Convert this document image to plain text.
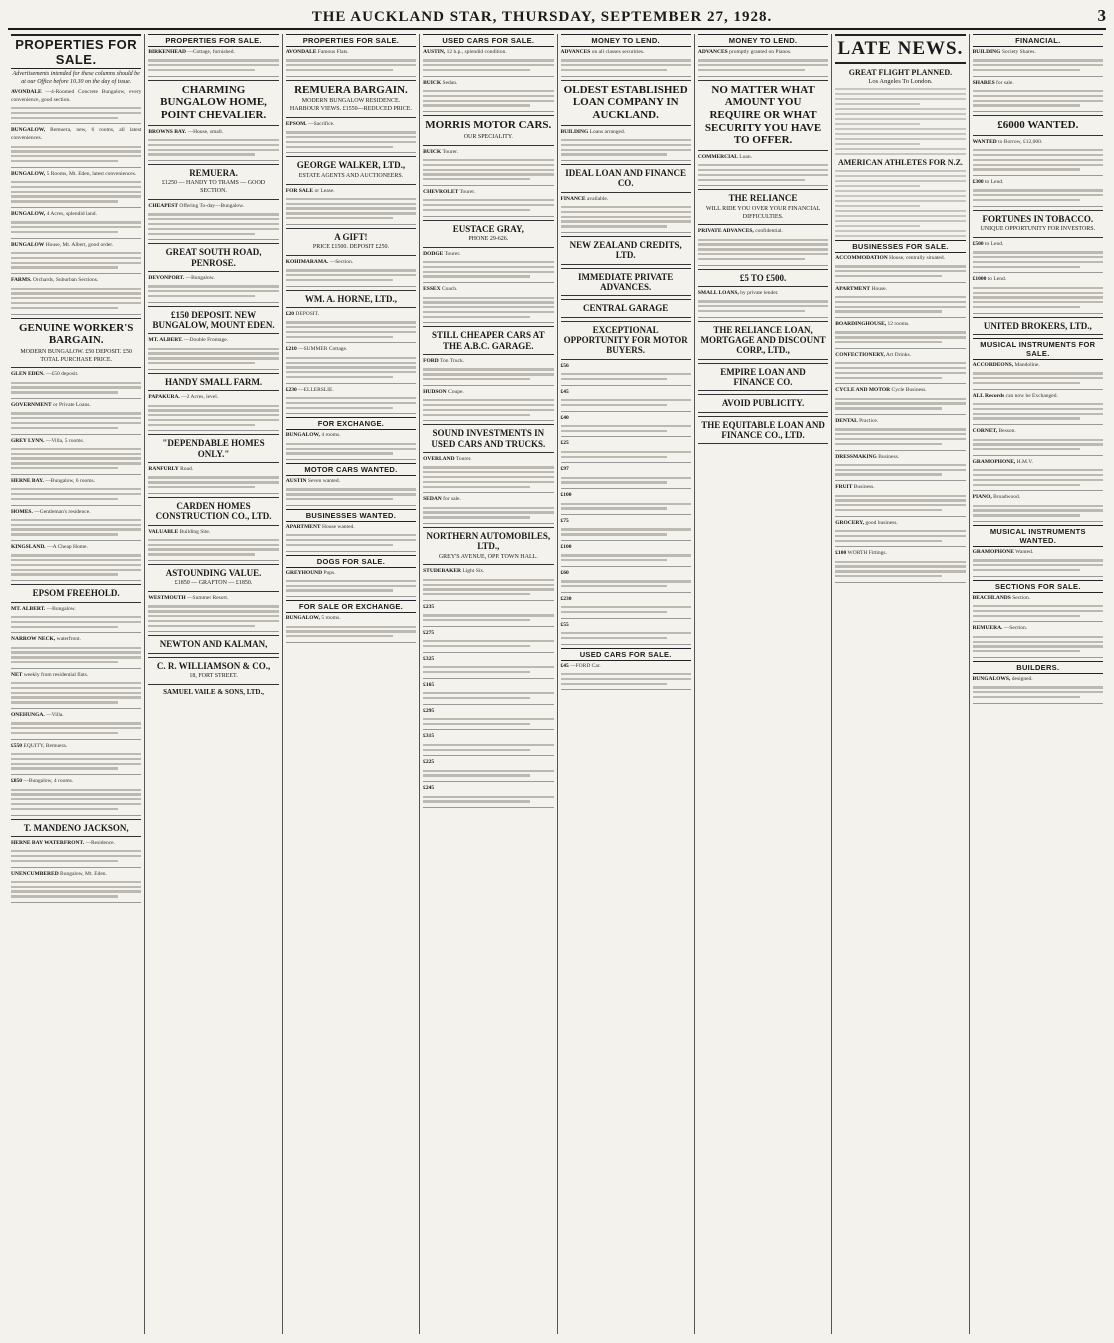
THE AUCKLAND STAR, THURSDAY, SEPTEMBER 27, 1928.	3
PROPERTIES FOR SALE.
Advertisements intended for these columns should be at our Office before 10.30 on the day of issue.
AVONDALE —4-Roomed Concrete Bungalow, every convenience, good section.
BUNGALOW, Remuera, new, 6 rooms, all latest conveniences.
BUNGALOW, 5 Rooms, Mt. Eden, latest conveniences.
BUNGALOW, 4 Acres, splendid land.
BUNGALOW House, Mt. Albert, good order.
FARMS. Orchards, Suburban Sections.
GENUINE WORKER'S BARGAIN.
MODERN BUNGALOW. £50 DEPOSIT. £50 TOTAL PURCHASE PRICE.
GLEN EDEN. —£50 deposit.
GOVERNMENT or Private Loans.
GREY LYNN. —Villa, 5 rooms.
HERNE BAY. —Bungalow, 6 rooms.
HOMES. —Gentleman's residence.
KINGSLAND. —A Cheap Home.
EPSOM FREEHOLD.
MT. ALBERT. —Bungalow.
NARROW NECK, waterfront.
NET weekly from residential flats.
ONEHUNGA. —Villa.
£550 EQUITY, Remuera.
£850 —Bungalow, 4 rooms.
T. MANDENO JACKSON,
HERNE BAY WATERFRONT. —Residence.
UNENCUMBERED Bungalow, Mt. Eden.
PROPERTIES FOR SALE.
BIRKENHEAD —Cottage, furnished.
CHARMING BUNGALOW HOME, POINT CHEVALIER.
BROWNS BAY. —House, small.
REMUERA.
£1250 — HANDY TO TRAMS — GOOD SECTION.
CHEAPEST Offering To-day—Bungalow.
GREAT SOUTH ROAD, PENROSE.
DEVONPORT. —Bungalow.
£150 DEPOSIT. NEW BUNGALOW, MOUNT EDEN.
MT. ALBERT. —Double Frontage.
HANDY SMALL FARM.
PAPAKURA. —2 Acres, level.
"DEPENDABLE HOMES ONLY."
RANFURLY Road.
CARDEN HOMES CONSTRUCTION CO., LTD.
VALUABLE Building Site.
ASTOUNDING VALUE.
£1850 — GRAFTON — £1850.
WESTMOUTH —Summer Resort.
NEWTON AND KALMAN,
C. R. WILLIAMSON & CO.,
18, FORT STREET.
SAMUEL VAILE & SONS, LTD.,
PROPERTIES FOR SALE.
AVONDALE Famous Flats.
REMUERA BARGAIN.
MODERN BUNGALOW RESIDENCE. HARBOUR VIEWS. £1550—REDUCED PRICE.
EPSOM. —Sacrifice.
GEORGE WALKER, LTD.,
ESTATE AGENTS AND AUCTIONEERS.
FOR SALE or Lease.
A GIFT!
PRICE £1500. DEPOSIT £250.
KOHIMARAMA. —Section.
WM. A. HORNE, LTD.,
£20 DEPOSIT.
£210 —SUMMER Cottage.
£230 —ELLERSLIE.
FOR EXCHANGE.
BUNGALOW, 4 rooms.
MOTOR CARS WANTED.
AUSTIN Seven wanted.
BUSINESSES WANTED.
APARTMENT House wanted.
DOGS FOR SALE.
GREYHOUND Pups.
FOR SALE OR EXCHANGE.
BUNGALOW, 5 rooms.
USED CARS FOR SALE.
AUSTIN, 12 h.p., splendid condition.
BUICK Sedan.
MORRIS MOTOR CARS.
OUR SPECIALITY.
BUICK Tourer.
CHEVROLET Tourer.
EUSTACE GRAY,
PHONE 29-626.
DODGE Tourer.
ESSEX Coach.
STILL CHEAPER CARS AT THE A.B.C. GARAGE.
FORD Ton Truck.
HUDSON Coupe.
SOUND INVESTMENTS IN USED CARS AND TRUCKS.
OVERLAND Tourer.
SEDAN for sale.
NORTHERN AUTOMOBILES, LTD.,
GREY'S AVENUE, OPP. TOWN HALL.
STUDEBAKER Light Six.
£235
£275
£325
£165
£295
£315
£225
£245
MONEY TO LEND.
ADVANCES on all classes securities.
OLDEST ESTABLISHED LOAN COMPANY IN AUCKLAND.
BUILDING Loans arranged.
IDEAL LOAN AND FINANCE CO.
FINANCE available.
NEW ZEALAND CREDITS, LTD.
IMMEDIATE PRIVATE ADVANCES.
CENTRAL GARAGE
EXCEPTIONAL OPPORTUNITY FOR MOTOR BUYERS.
£56
£45
£40
£25
£97
£100
£75
£100
£60
£230
£55
USED CARS FOR SALE.
£45 —FORD Car.
MONEY TO LEND.
ADVANCES promptly granted on Pianos.
NO MATTER WHAT AMOUNT YOU REQUIRE OR WHAT SECURITY YOU HAVE TO OFFER.
COMMERCIAL Loan.
THE RELIANCE
WILL RIDE YOU OVER YOUR FINANCIAL DIFFICULTIES.
PRIVATE ADVANCES, confidential.
£5 TO £500.
SMALL LOANS, by private lender.
THE RELIANCE LOAN, MORTGAGE AND DISCOUNT CORP., LTD.,
EMPIRE LOAN AND FINANCE CO.
AVOID PUBLICITY.
THE EQUITABLE LOAN AND FINANCE CO., LTD.
LATE NEWS.
GREAT FLIGHT PLANNED.
Los Angeles To London.
AMERICAN ATHLETES FOR N.Z.
BUSINESSES FOR SALE.
ACCOMMODATION House, centrally situated.
APARTMENT House.
BOARDINGHOUSE, 12 rooms.
CONFECTIONERY, Art Drinks.
CYCLE AND MOTOR Cycle Business.
DENTAL Practice.
DRESSMAKING Business.
FRUIT Business.
GROCERY, good business.
£100 WORTH Fittings.
FINANCIAL.
BUILDING Society Shares.
SHARES for sale.
£6000 WANTED.
WANTED to Borrow, £12,000.
£300 to Lend.
FORTUNES IN TOBACCO.
UNIQUE OPPORTUNITY FOR INVESTORS.
£500 to Lend.
£1000 to Lend.
UNITED BROKERS, LTD.,
MUSICAL INSTRUMENTS FOR SALE.
ACCORDEONS, Mandoline.
ALL Records can now be Exchanged.
CORNET, Besson.
GRAMOPHONE, H.M.V.
PIANO, Broadwood.
MUSICAL INSTRUMENTS WANTED.
GRAMOPHONE Wanted.
SECTIONS FOR SALE.
BEACHLANDS Section.
REMUERA. —Section.
BUILDERS.
BUNGALOWS, designed.
